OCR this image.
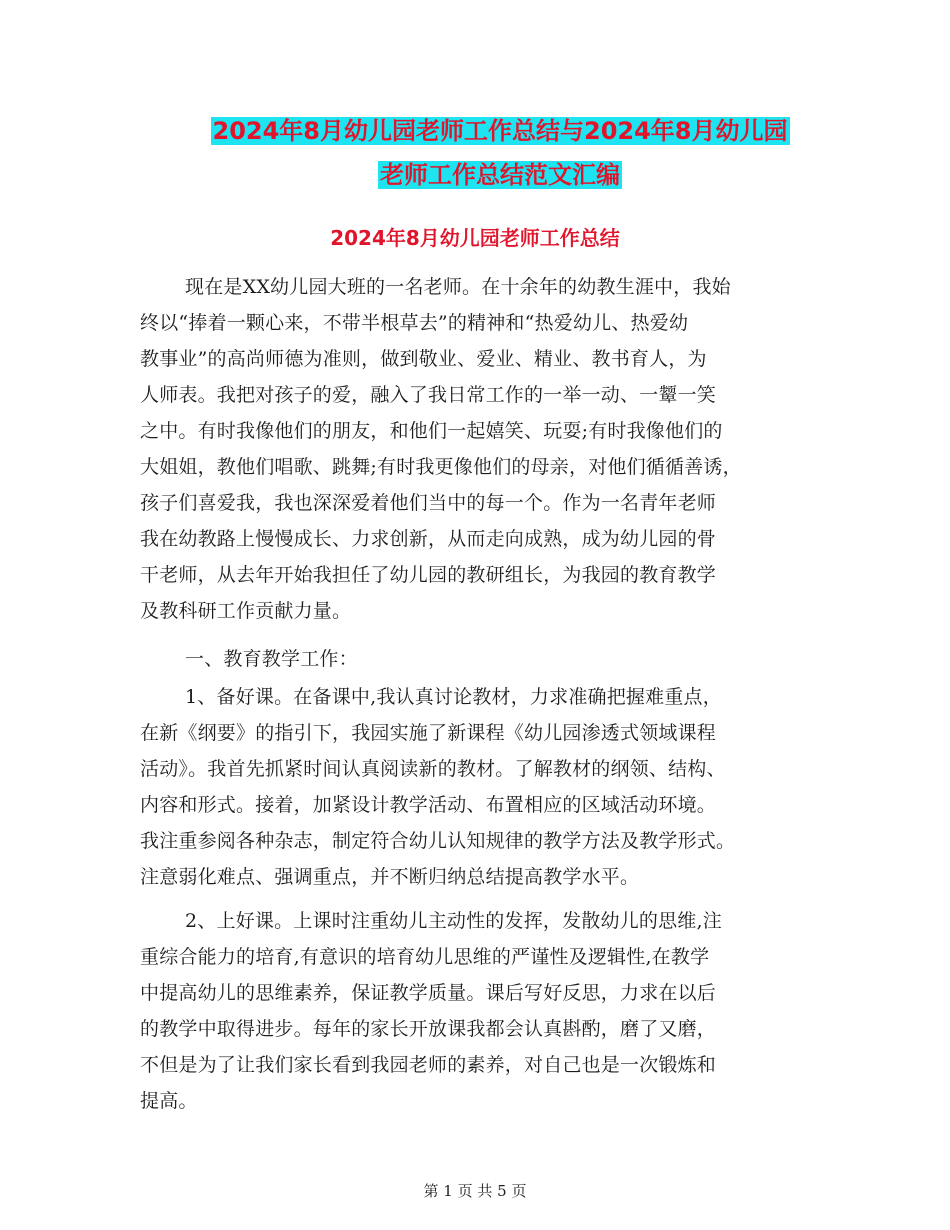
2024年8月幼儿园老师工作总结与2024年8月幼儿园
老师工作总结范文汇编
2024年8月幼儿园老师工作总结
现在是XX幼儿园大班的一名老师。在十余年的幼教生涯中，我始
终以“捧着一颗心来，不带半根草去”的精神和“热爱幼儿、热爱幼
教事业”的高尚师德为准则，做到敬业、爱业、精业、教书育人，为
人师表。我把对孩子的爱，融入了我日常工作的一举一动、一颦一笑
之中。有时我像他们的朋友，和他们一起嬉笑、玩耍;有时我像他们的
大姐姐，教他们唱歌、跳舞;有时我更像他们的母亲，对他们循循善诱，
孩子们喜爱我，我也深深爱着他们当中的每一个。作为一名青年老师
我在幼教路上慢慢成长、力求创新，从而走向成熟，成为幼儿园的骨
干老师，从去年开始我担任了幼儿园的教研组长，为我园的教育教学
及教科研工作贡献力量。
一、教育教学工作：
1、备好课。在备课中,我认真讨论教材，力求准确把握难重点，
在新《纲要》的指引下，我园实施了新课程《幼儿园渗透式领域课程
活动》。我首先抓紧时间认真阅读新的教材。了解教材的纲领、结构、
内容和形式。接着，加紧设计教学活动、布置相应的区域活动环境。
我注重参阅各种杂志，制定符合幼儿认知规律的教学方法及教学形式。
注意弱化难点、强调重点，并不断归纳总结提高教学水平。
2、上好课。上课时注重幼儿主动性的发挥，发散幼儿的思维,注
重综合能力的培育,有意识的培育幼儿思维的严谨性及逻辑性,在教学
中提高幼儿的思维素养，保证教学质量。课后写好反思，力求在以后
的教学中取得进步。每年的家长开放课我都会认真斟酌，磨了又磨，
不但是为了让我们家长看到我园老师的素养，对自己也是一次锻炼和
提高。
第 1 页 共 5 页
